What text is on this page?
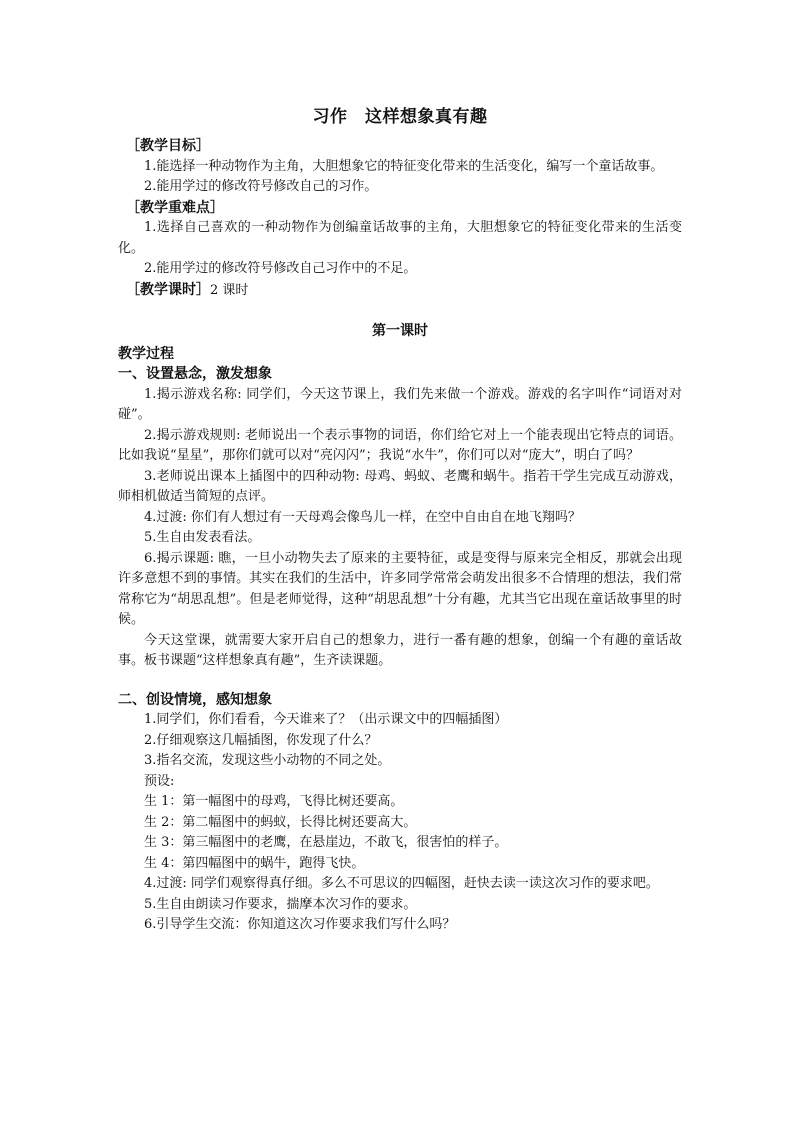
习作　这样想象真有趣
［教学目标］
1.能选择一种动物作为主角，大胆想象它的特征变化带来的生活变化，编写一个童话故事。
2.能用学过的修改符号修改自己的习作。
［教学重难点］
1.选择自己喜欢的一种动物作为创编童话故事的主角，大胆想象它的特征变化带来的生活变化。
2.能用学过的修改符号修改自己习作中的不足。
［教学课时］2 课时
第一课时
教学过程
一、设置悬念，激发想象
1.揭示游戏名称: 同学们，今天这节课上，我们先来做一个游戏。游戏的名字叫作“词语对对碰”。
2.揭示游戏规则: 老师说出一个表示事物的词语，你们给它对上一个能表现出它特点的词语。比如我说“星星”，那你们就可以对“亮闪闪”；我说“水牛”，你们可以对“庞大”，明白了吗？
3.老师说出课本上插图中的四种动物: 母鸡、蚂蚁、老鹰和蜗牛。指若干学生完成互动游戏，师相机做适当简短的点评。
4.过渡: 你们有人想过有一天母鸡会像鸟儿一样，在空中自由自在地飞翔吗？
5.生自由发表看法。
6.揭示课题: 瞧，一旦小动物失去了原来的主要特征，或是变得与原来完全相反，那就会出现许多意想不到的事情。其实在我们的生活中，许多同学常常会萌发出很多不合情理的想法，我们常常称它为“胡思乱想”。但是老师觉得，这种“胡思乱想”十分有趣，尤其当它出现在童话故事里的时候。
今天这堂课，就需要大家开启自己的想象力，进行一番有趣的想象，创编一个有趣的童话故事。板书课题“这样想象真有趣”，生齐读课题。
二、创设情境，感知想象
1.同学们，你们看看，今天谁来了？（出示课文中的四幅插图）
2.仔细观察这几幅插图，你发现了什么？
3.指名交流，发现这些小动物的不同之处。
预设:
生 1：第一幅图中的母鸡，飞得比树还要高。
生 2：第二幅图中的蚂蚁，长得比树还要高大。
生 3：第三幅图中的老鹰，在悬崖边，不敢飞，很害怕的样子。
生 4：第四幅图中的蜗牛，跑得飞快。
4.过渡: 同学们观察得真仔细。多么不可思议的四幅图，赶快去读一读这次习作的要求吧。
5.生自由朗读习作要求，揣摩本次习作的要求。
6.引导学生交流：你知道这次习作要求我们写什么吗？
